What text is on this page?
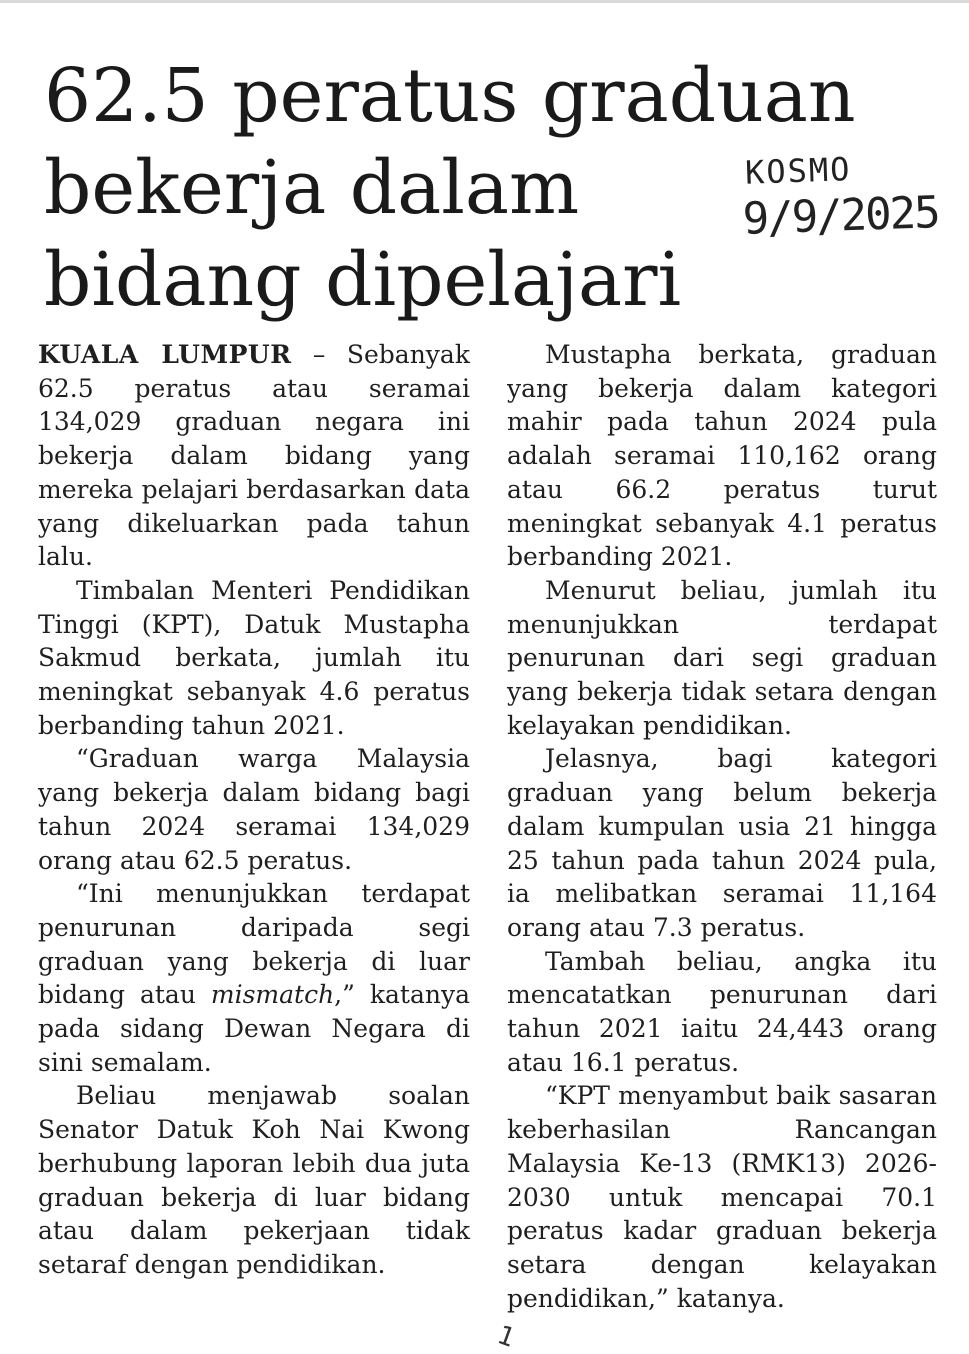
62.5 peratus graduan
bekerja dalam
bidang dipelajari
KOSMO
9/9/2025

KUALA LUMPUR – Sebanyak 62.5 peratus atau seramai 134,029 graduan negara ini bekerja dalam bidang yang mereka pelajari berdasarkan data yang dikeluarkan pada tahun lalu.

Timbalan Menteri Pendidikan Tinggi (KPT), Datuk Mustapha Sakmud berkata, jumlah itu meningkat sebanyak 4.6 peratus berbanding tahun 2021.

“Graduan warga Malaysia yang bekerja dalam bidang bagi tahun 2024 seramai 134,029 orang atau 62.5 peratus.

“Ini menunjukkan terdapat penurunan daripada segi graduan yang bekerja di luar bidang atau mismatch,” katanya pada sidang Dewan Negara di sini semalam.

Beliau menjawab soalan Senator Datuk Koh Nai Kwong berhubung laporan lebih dua juta graduan bekerja di luar bidang atau dalam pekerjaan tidak setaraf dengan pendidikan.

Mustapha berkata, graduan yang bekerja dalam kategori mahir pada tahun 2024 pula adalah seramai 110,162 orang atau 66.2 peratus turut meningkat sebanyak 4.1 peratus berbanding 2021.

Menurut beliau, jumlah itu menunjukkan terdapat penurunan dari segi graduan yang bekerja tidak setara dengan kelayakan pendidikan.

Jelasnya, bagi kategori graduan yang belum bekerja dalam kumpulan usia 21 hingga 25 tahun pada tahun 2024 pula, ia melibatkan seramai 11,164 orang atau 7.3 peratus.

Tambah beliau, angka itu mencatatkan penurunan dari tahun 2021 iaitu 24,443 orang atau 16.1 peratus.

“KPT menyambut baik sasaran keberhasilan Rancangan Malaysia Ke-13 (RMK13) 2026-2030 untuk mencapai 70.1 peratus kadar graduan bekerja setara dengan kelayakan pendidikan,” katanya.

1
